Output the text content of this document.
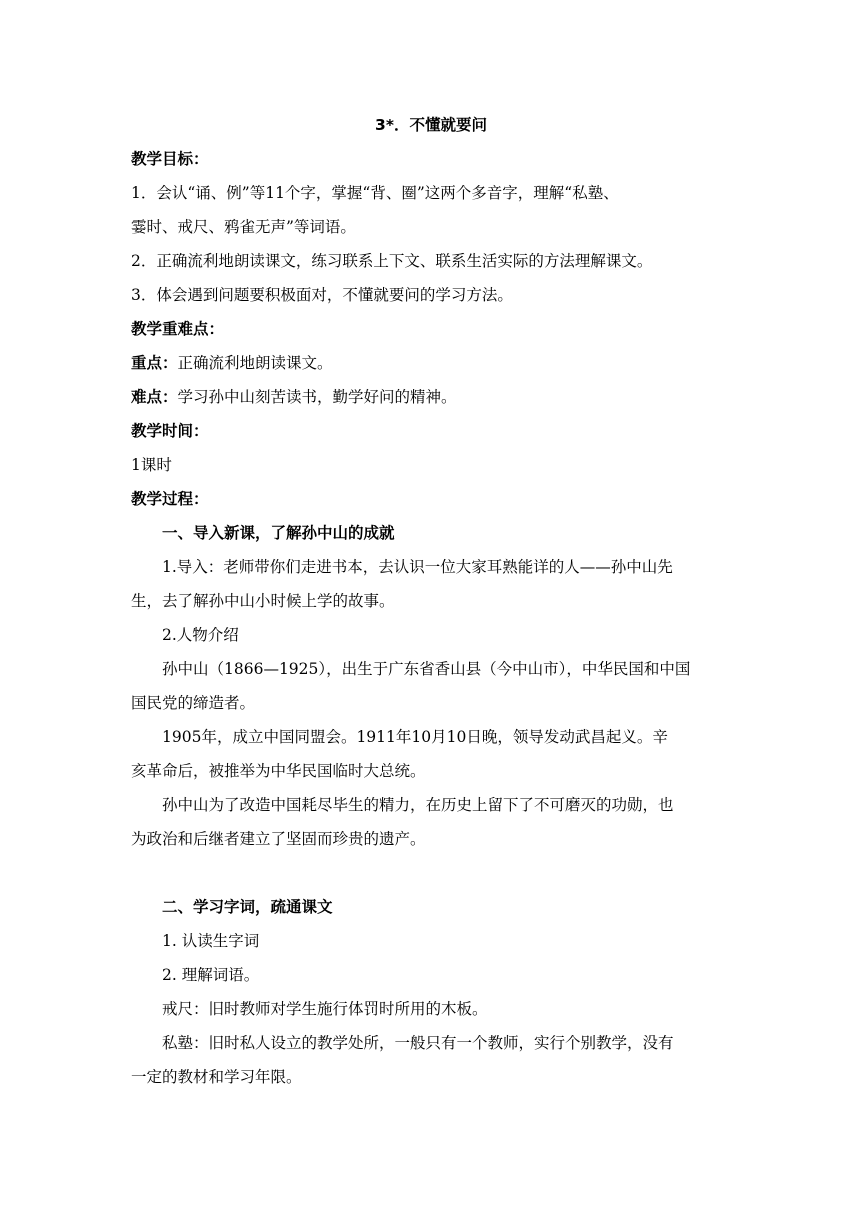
3*．不懂就要问
教学目标：
1．会认“诵、例”等11个字，掌握“背、圈”这两个多音字，理解“私塾、
霎时、戒尺、鸦雀无声”等词语。
2．正确流利地朗读课文，练习联系上下文、联系生活实际的方法理解课文。
3．体会遇到问题要积极面对，不懂就要问的学习方法。
教学重难点：
重点：正确流利地朗读课文。
难点：学习孙中山刻苦读书，勤学好问的精神。
教学时间：
1课时
教学过程：
一、导入新课，了解孙中山的成就
1.导入：老师带你们走进书本，去认识一位大家耳熟能详的人——孙中山先
生，去了解孙中山小时候上学的故事。
2.人物介绍
孙中山（1866—1925），出生于广东省香山县（今中山市），中华民国和中国
国民党的缔造者。
1905年，成立中国同盟会。1911年10月10日晚，领导发动武昌起义。辛
亥革命后，被推举为中华民国临时大总统。
孙中山为了改造中国耗尽毕生的精力，在历史上留下了不可磨灭的功勋，也
为政治和后继者建立了坚固而珍贵的遗产。
二、学习字词，疏通课文
1. 认读生字词
2. 理解词语。
戒尺：旧时教师对学生施行体罚时所用的木板。
私塾：旧时私人设立的教学处所，一般只有一个教师，实行个别教学，没有
一定的教材和学习年限。
